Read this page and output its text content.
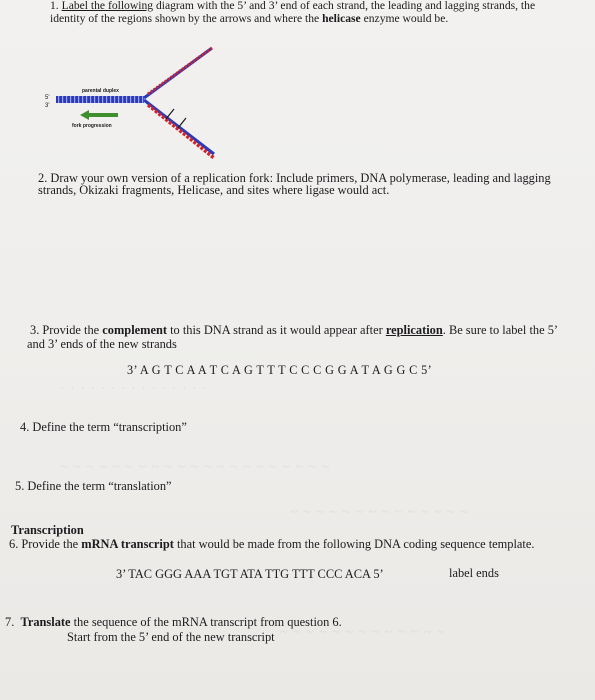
· · · · · · · · · · · · · · ·
~ ~ ~ ~ ~ ~ ~ ~ ~ ~ ~ ~ ~ ~ ~ ~ ~ ~ ~ ~ ~
~ ~ ~ ~ ~ ~ ~ ~ ~ ~ ~ ~ ~ ~
~ ~ ~ ~ ~ ~ ~ ~ ~ ~ ~ ~ ~
1. Label the following diagram with the 5’ and 3’ end of each strand, the leading and lagging strands, the
identity of the regions shown by the arrows and where the helicase enzyme would be.
5'
3'
parental duplex
fork progression
2. Draw your own version of a replication fork: Include primers, DNA polymerase, leading and lagging
strands, Okizaki fragments, Helicase, and sites where ligase would act.
3. Provide the complement to this DNA strand as it would appear after replication. Be sure to label the 5’
and 3’ ends of the new strands
3’ A G T C A A T C A G T T T C C C G G A T A G G C 5’
4. Define the term “transcription”
5. Define the term “translation”
Transcription
6. Provide the mRNA transcript that would be made from the following DNA coding sequence template.
3’ TAC GGG AAA TGT ATA TTG TTT CCC ACA 5’	label ends
7. Translate the sequence of the mRNA transcript from question 6.
Start from the 5’ end of the new transcript
